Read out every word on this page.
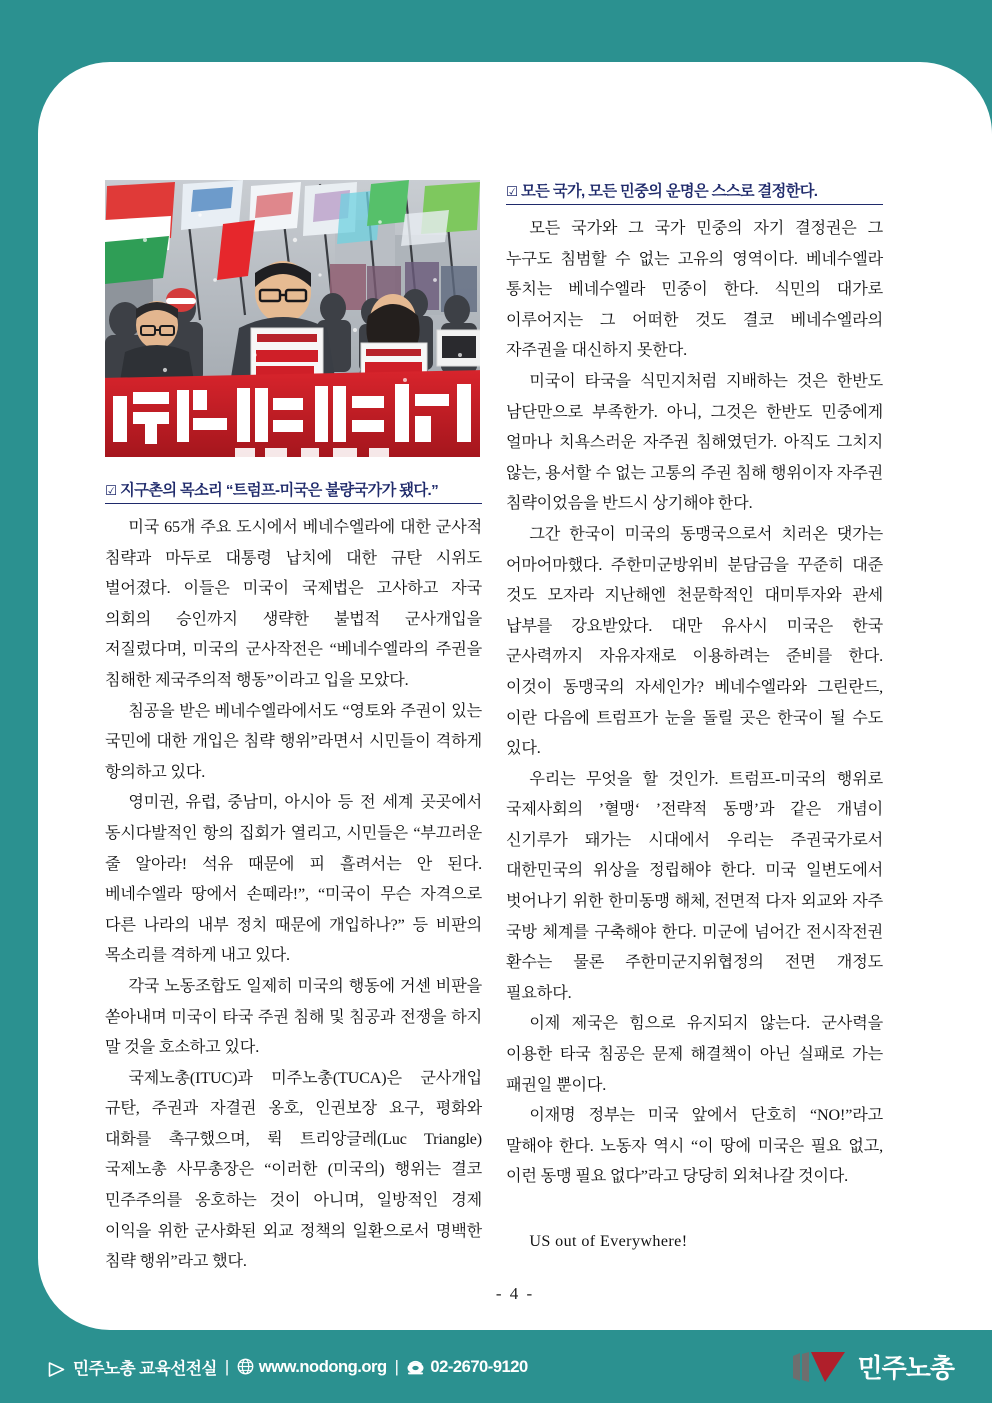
☑ 지구촌의 목소리 “트럼프-미국은 불량국가가 됐다.”

미국 65개 주요 도시에서 베네수엘라에 대한 군사적 침략과 마두로 대통령 납치에 대한 규탄 시위도 벌어졌다. 이들은 미국이 국제법은 고사하고 자국 의회의 승인까지 생략한 불법적 군사개입을 저질렀다며, 미국의 군사작전은 “베네수엘라의 주권을 침해한 제국주의적 행동”이라고 입을 모았다.

침공을 받은 베네수엘라에서도 “영토와 주권이 있는 국민에 대한 개입은 침략 행위”라면서 시민들이 격하게 항의하고 있다.

영미권, 유럽, 중남미, 아시아 등 전 세계 곳곳에서 동시다발적인 항의 집회가 열리고, 시민들은 “부끄러운 줄 알아라! 석유 때문에 피 흘려서는 안 된다. 베네수엘라 땅에서 손떼라!”, “미국이 무슨 자격으로 다른 나라의 내부 정치 때문에 개입하나?” 등 비판의 목소리를 격하게 내고 있다.

각국 노동조합도 일제히 미국의 행동에 거센 비판을 쏟아내며 미국이 타국 주권 침해 및 침공과 전쟁을 하지 말 것을 호소하고 있다.

국제노총(ITUC)과 미주노총(TUCA)은 군사개입 규탄, 주권과 자결권 옹호, 인권보장 요구, 평화와 대화를 촉구했으며, 뤽 트리앙글레(Luc Triangle) 국제노총 사무총장은 “이러한 (미국의) 행위는 결코 민주주의를 옹호하는 것이 아니며, 일방적인 경제 이익을 위한 군사화된 외교 정책의 일환으로서 명백한 침략 행위”라고 했다.

☑ 모든 국가, 모든 민중의 운명은 스스로 결정한다.

모든 국가와 그 국가 민중의 자기 결정권은 그 누구도 침범할 수 없는 고유의 영역이다. 베네수엘라 통치는 베네수엘라 민중이 한다. 식민의 대가로 이루어지는 그 어떠한 것도 결코 베네수엘라의 자주권을 대신하지 못한다.

미국이 타국을 식민지처럼 지배하는 것은 한반도 남단만으로 부족한가. 아니, 그것은 한반도 민중에게 얼마나 치욕스러운 자주권 침해였던가. 아직도 그치지 않는, 용서할 수 없는 고통의 주권 침해 행위이자 자주권 침략이었음을 반드시 상기해야 한다.

그간 한국이 미국의 동맹국으로서 치러온 댓가는 어마어마했다. 주한미군방위비 분담금을 꾸준히 대준 것도 모자라 지난해엔 천문학적인 대미투자와 관세 납부를 강요받았다. 대만 유사시 미국은 한국 군사력까지 자유자재로 이용하려는 준비를 한다. 이것이 동맹국의 자세인가? 베네수엘라와 그린란드, 이란 다음에 트럼프가 눈을 돌릴 곳은 한국이 될 수도 있다.

우리는 무엇을 할 것인가. 트럼프-미국의 행위로 국제사회의 ’혈맹‘ ’전략적 동맹’과 같은 개념이 신기루가 돼가는 시대에서 우리는 주권국가로서 대한민국의 위상을 정립해야 한다. 미국 일변도에서 벗어나기 위한 한미동맹 해체, 전면적 다자 외교와 자주 국방 체계를 구축해야 한다. 미군에 넘어간 전시작전권 환수는 물론 주한미군지위협정의 전면 개정도 필요하다.

이제 제국은 힘으로 유지되지 않는다. 군사력을 이용한 타국 침공은 문제 해결책이 아닌 실패로 가는 패권일 뿐이다.

이재명 정부는 미국 앞에서 단호히 “NO!”라고 말해야 한다. 노동자 역시 “이 땅에 미국은 필요 없고, 이런 동맹 필요 없다”라고 당당히 외쳐나갈 것이다.

US out of Everywhere!

- 4 -
민주노총 교육선전실 | www.nodong.org | 02-2670-9120	민주노총
